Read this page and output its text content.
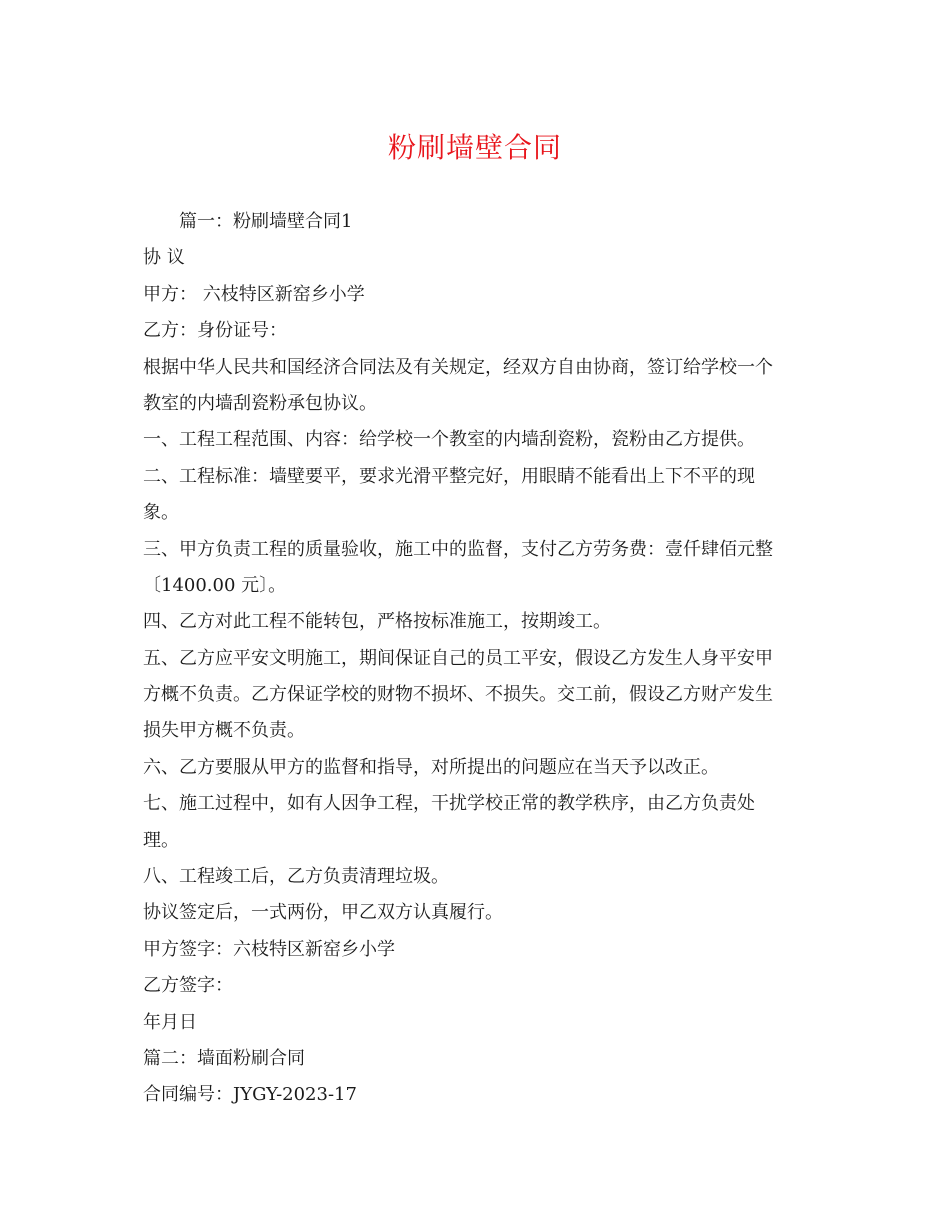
粉刷墙壁合同
篇一：粉刷墙壁合同1
协 议
甲方： 六枝特区新窑乡小学
乙方：身份证号：
根据中华人民共和国经济合同法及有关规定，经双方自由协商，签订给学校一个
教室的内墙刮瓷粉承包协议。
一、工程工程范围、内容：给学校一个教室的内墙刮瓷粉，瓷粉由乙方提供。
二、工程标准：墙壁要平，要求光滑平整完好，用眼睛不能看出上下不平的现
象。
三、甲方负责工程的质量验收，施工中的监督，支付乙方劳务费：壹仟肆佰元整
〔1400.00 元〕。
四、乙方对此工程不能转包，严格按标准施工，按期竣工。
五、乙方应平安文明施工，期间保证自己的员工平安，假设乙方发生人身平安甲
方概不负责。乙方保证学校的财物不损坏、不损失。交工前，假设乙方财产发生
损失甲方概不负责。
六、乙方要服从甲方的监督和指导，对所提出的问题应在当天予以改正。
七、施工过程中，如有人因争工程，干扰学校正常的教学秩序，由乙方负责处
理。
八、工程竣工后，乙方负责清理垃圾。
协议签定后，一式两份，甲乙双方认真履行。
甲方签字：六枝特区新窑乡小学
乙方签字：
年月日
篇二：墙面粉刷合同
合同编号：JYGY-2023-17
